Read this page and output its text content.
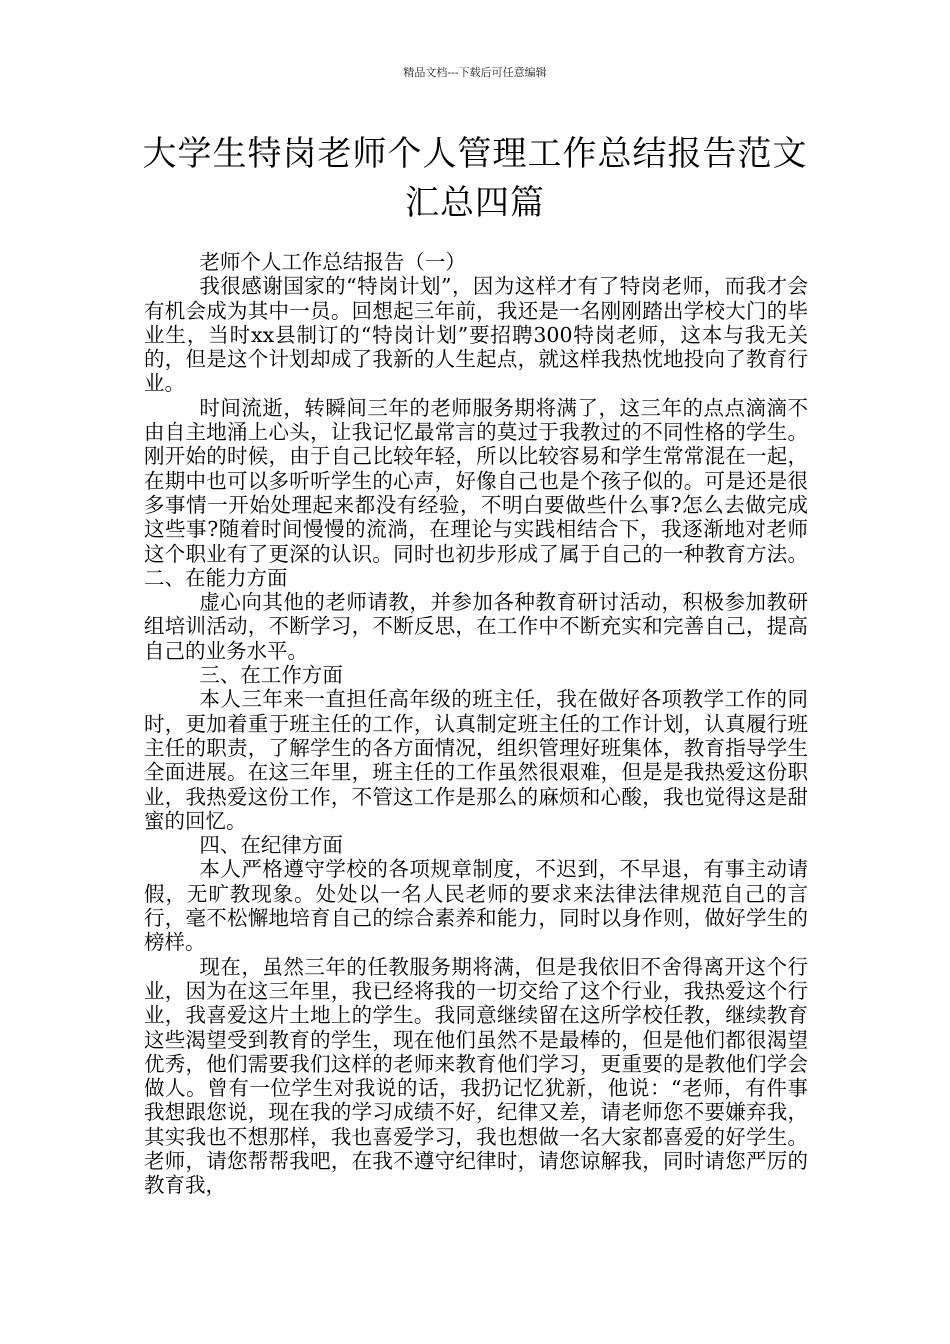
精品文档---下载后可任意编辑
大学生特岗老师个人管理工作总结报告范文汇总四篇

老师个人工作总结报告（一）

我很感谢国家的“特岗计划”，因为这样才有了特岗老师，而我才会有机会成为其中一员。回想起三年前，我还是一名刚刚踏出学校大门的毕业生，当时xx县制订的“特岗计划”要招聘300特岗老师，这本与我无关的，但是这个计划却成了我新的人生起点，就这样我热忱地投向了教育行业。

时间流逝，转瞬间三年的老师服务期将满了，这三年的点点滴滴不由自主地涌上心头，让我记忆最常言的莫过于我教过的不同性格的学生。刚开始的时候，由于自己比较年轻，所以比较容易和学生常常混在一起，在期中也可以多听听学生的心声，好像自己也是个孩子似的。可是还是很多事情一开始处理起来都没有经验，不明白要做些什么事?怎么去做完成这些事?随着时间慢慢的流淌，在理论与实践相结合下，我逐渐地对老师这个职业有了更深的认识。同时也初步形成了属于自己的一种教育方法。二、在能力方面

虚心向其他的老师请教，并参加各种教育研讨活动，积极参加教研组培训活动，不断学习，不断反思，在工作中不断充实和完善自己，提高自己的业务水平。

三、在工作方面

本人三年来一直担任高年级的班主任，我在做好各项教学工作的同时，更加着重于班主任的工作，认真制定班主任的工作计划，认真履行班主任的职责，了解学生的各方面情况，组织管理好班集体，教育指导学生全面进展。在这三年里，班主任的工作虽然很艰难，但是是我热爱这份职业，我热爱这份工作，不管这工作是那么的麻烦和心酸，我也觉得这是甜蜜的回忆。

四、在纪律方面

本人严格遵守学校的各项规章制度，不迟到，不早退，有事主动请假，无旷教现象。处处以一名人民老师的要求来法律法律规范自己的言行，毫不松懈地培育自己的综合素养和能力，同时以身作则，做好学生的榜样。

现在，虽然三年的任教服务期将满，但是我依旧不舍得离开这个行业，因为在这三年里，我已经将我的一切交给了这个行业，我热爱这个行业，我喜爱这片土地上的学生。我同意继续留在这所学校任教，继续教育这些渴望受到教育的学生，现在他们虽然不是最棒的，但是他们都很渴望优秀，他们需要我们这样的老师来教育他们学习，更重要的是教他们学会做人。曾有一位学生对我说的话，我扔记忆犹新，他说：“老师，有件事我想跟您说，现在我的学习成绩不好，纪律又差，请老师您不要嫌弃我，其实我也不想那样，我也喜爱学习，我也想做一名大家都喜爱的好学生。老师，请您帮帮我吧，在我不遵守纪律时，请您谅解我，同时请您严厉的教育我，
